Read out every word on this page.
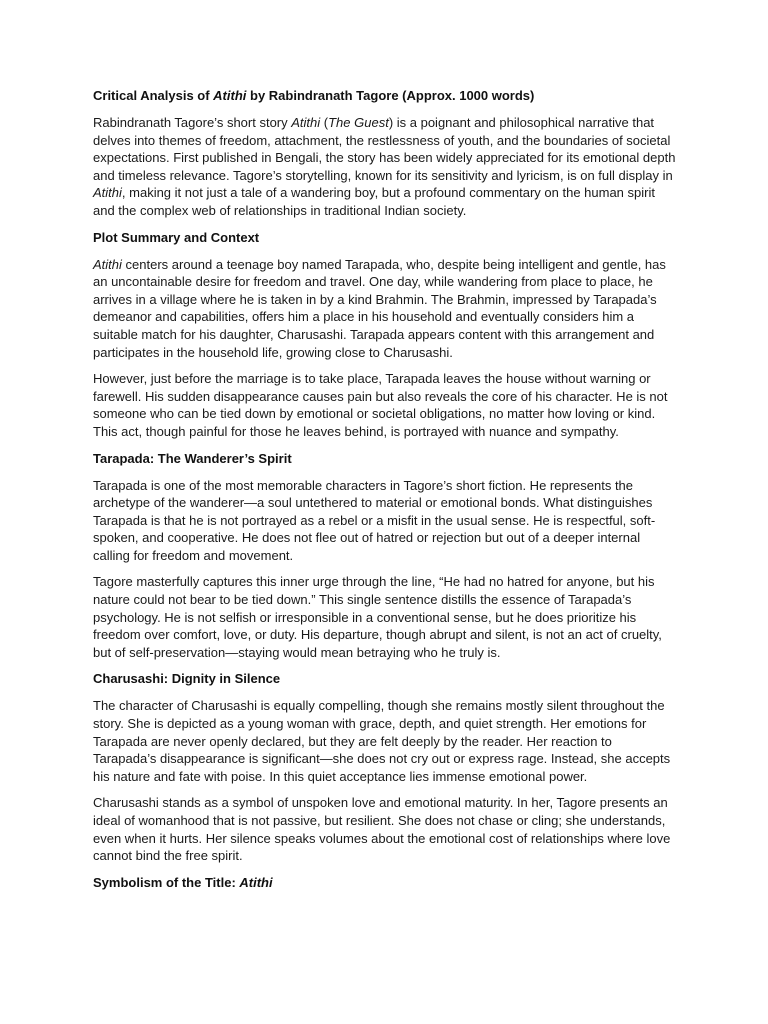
Critical Analysis of Atithi by Rabindranath Tagore (Approx. 1000 words)

Rabindranath Tagore’s short story Atithi (The Guest) is a poignant and philosophical narrative that delves into themes of freedom, attachment, the restlessness of youth, and the boundaries of societal expectations. First published in Bengali, the story has been widely appreciated for its emotional depth and timeless relevance. Tagore’s storytelling, known for its sensitivity and lyricism, is on full display in Atithi, making it not just a tale of a wandering boy, but a profound commentary on the human spirit and the complex web of relationships in traditional Indian society.

Plot Summary and Context

Atithi centers around a teenage boy named Tarapada, who, despite being intelligent and gentle, has an uncontainable desire for freedom and travel. One day, while wandering from place to place, he arrives in a village where he is taken in by a kind Brahmin. The Brahmin, impressed by Tarapada’s demeanor and capabilities, offers him a place in his household and eventually considers him a suitable match for his daughter, Charusashi. Tarapada appears content with this arrangement and participates in the household life, growing close to Charusashi.

However, just before the marriage is to take place, Tarapada leaves the house without warning or farewell. His sudden disappearance causes pain but also reveals the core of his character. He is not someone who can be tied down by emotional or societal obligations, no matter how loving or kind. This act, though painful for those he leaves behind, is portrayed with nuance and sympathy.

Tarapada: The Wanderer’s Spirit

Tarapada is one of the most memorable characters in Tagore’s short fiction. He represents the archetype of the wanderer—a soul untethered to material or emotional bonds. What distinguishes Tarapada is that he is not portrayed as a rebel or a misfit in the usual sense. He is respectful, soft-spoken, and cooperative. He does not flee out of hatred or rejection but out of a deeper internal calling for freedom and movement.

Tagore masterfully captures this inner urge through the line, “He had no hatred for anyone, but his nature could not bear to be tied down.” This single sentence distills the essence of Tarapada’s psychology. He is not selfish or irresponsible in a conventional sense, but he does prioritize his freedom over comfort, love, or duty. His departure, though abrupt and silent, is not an act of cruelty, but of self-preservation—staying would mean betraying who he truly is.

Charusashi: Dignity in Silence

The character of Charusashi is equally compelling, though she remains mostly silent throughout the story. She is depicted as a young woman with grace, depth, and quiet strength. Her emotions for Tarapada are never openly declared, but they are felt deeply by the reader. Her reaction to Tarapada’s disappearance is significant—she does not cry out or express rage. Instead, she accepts his nature and fate with poise. In this quiet acceptance lies immense emotional power.

Charusashi stands as a symbol of unspoken love and emotional maturity. In her, Tagore presents an ideal of womanhood that is not passive, but resilient. She does not chase or cling; she understands, even when it hurts. Her silence speaks volumes about the emotional cost of relationships where love cannot bind the free spirit.

Symbolism of the Title: Atithi
